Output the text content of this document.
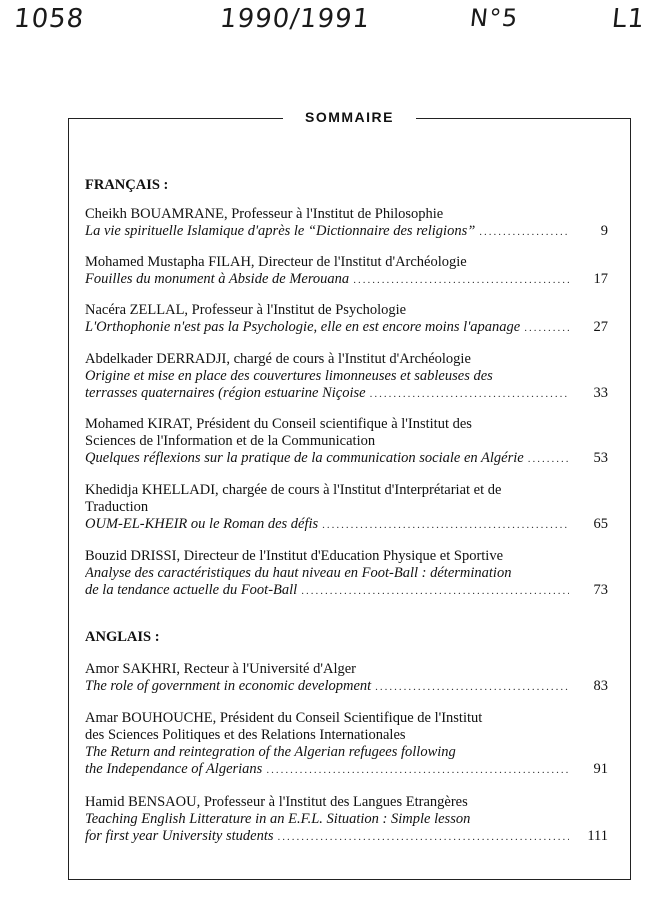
1058	1990/1991	N°5	L1
SOMMAIRE
FRANÇAIS :
Cheikh BOUAMRANE, Professeur à l'Institut de Philosophie
La vie spirituelle Islamique d'après le “Dictionnaire des religions” .....	9
Mohamed Mustapha FILAH, Directeur de l'Institut d'Archéologie
Fouilles du monument à Abside de Merouana .....	17
Nacéra ZELLAL, Professeur à l'Institut de Psychologie
L'Orthophonie n'est pas la Psychologie, elle en est encore moins l'apanage .....	27
Abdelkader DERRADJI, chargé de cours à l'Institut d'Archéologie
Origine et mise en place des couvertures limonneuses et sableuses des
terrasses quaternaires (région estuarine Niçoise .....	33
Mohamed KIRAT, Président du Conseil scientifique à l'Institut des
Sciences de l'Information et de la Communication
Quelques réflexions sur la pratique de la communication sociale en Algérie .....	53
Khedidja KHELLADI, chargée de cours à l'Institut d'Interprétariat et de
Traduction
OUM-EL-KHEIR ou le Roman des défis .....	65
Bouzid DRISSI, Directeur de l'Institut d'Education Physique et Sportive
Analyse des caractéristiques du haut niveau en Foot-Ball : détermination
de la tendance actuelle du Foot-Ball .....	73
ANGLAIS :
Amor SAKHRI, Recteur à l'Université d'Alger
The role of government in economic development .....	83
Amar BOUHOUCHE, Président du Conseil Scientifique de l'Institut
des Sciences Politiques et des Relations Internationales
The Return and reintegration of the Algerian refugees following
the Independance of Algerians .....	91
Hamid BENSAOU, Professeur à l'Institut des Langues Etrangères
Teaching English Litterature in an E.F.L. Situation : Simple lesson
for first year University students .....	111
